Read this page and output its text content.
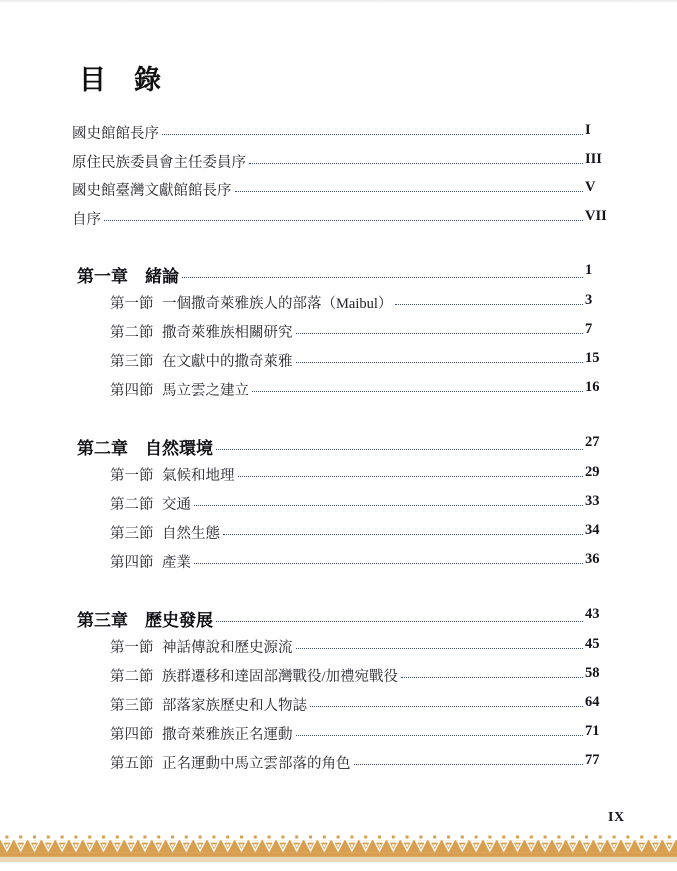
目　錄
國史館館長序	I
原住民族委員會主任委員序	III
國史館臺灣文獻館館長序	V
自序	VII
第一章　緒論	1
第一節 一個撒奇萊雅族人的部落（Maibul）	3
第二節 撒奇萊雅族相關研究	7
第三節 在文獻中的撒奇萊雅	15
第四節 馬立雲之建立	16
第二章　自然環境	27
第一節 氣候和地理	29
第二節 交通	33
第三節 自然生態	34
第四節 產業	36
第三章　歷史發展	43
第一節 神話傳說和歷史源流	45
第二節 族群遷移和達固部灣戰役/加禮宛戰役	58
第三節 部落家族歷史和人物誌	64
第四節 撒奇萊雅族正名運動	71
第五節 正名運動中馬立雲部落的角色	77
IX
